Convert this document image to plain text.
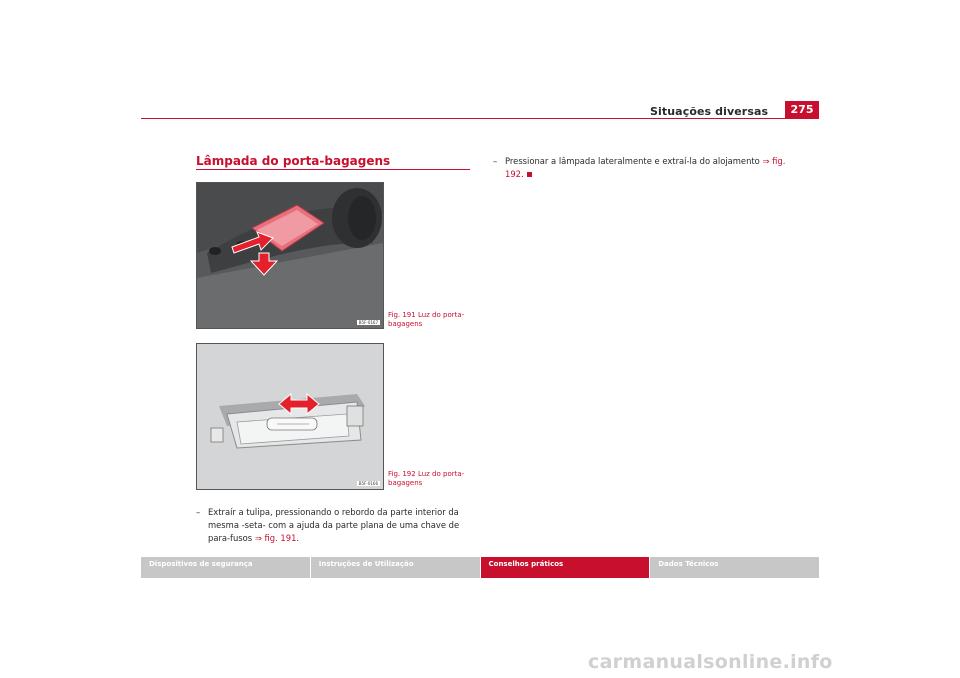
Situações diversas	275
Lâmpada do porta-bagagens
B5F-0167
Fig. 191 Luz do porta-bagagens
B5F-0166
Fig. 192 Luz do porta-bagagens
– Extraír a tulipa, pressionando o rebordo da parte interior da mesma -seta- com a ajuda da parte plana de uma chave de para-fusos ⇒ fig. 191.
– Pressionar a lâmpada lateralmente e extraí-la do alojamento ⇒ fig. 192.
Dispositivos de segurança	Instruções de Utilização	Conselhos práticos	Dados Técnicos
carmanualsonline.info
